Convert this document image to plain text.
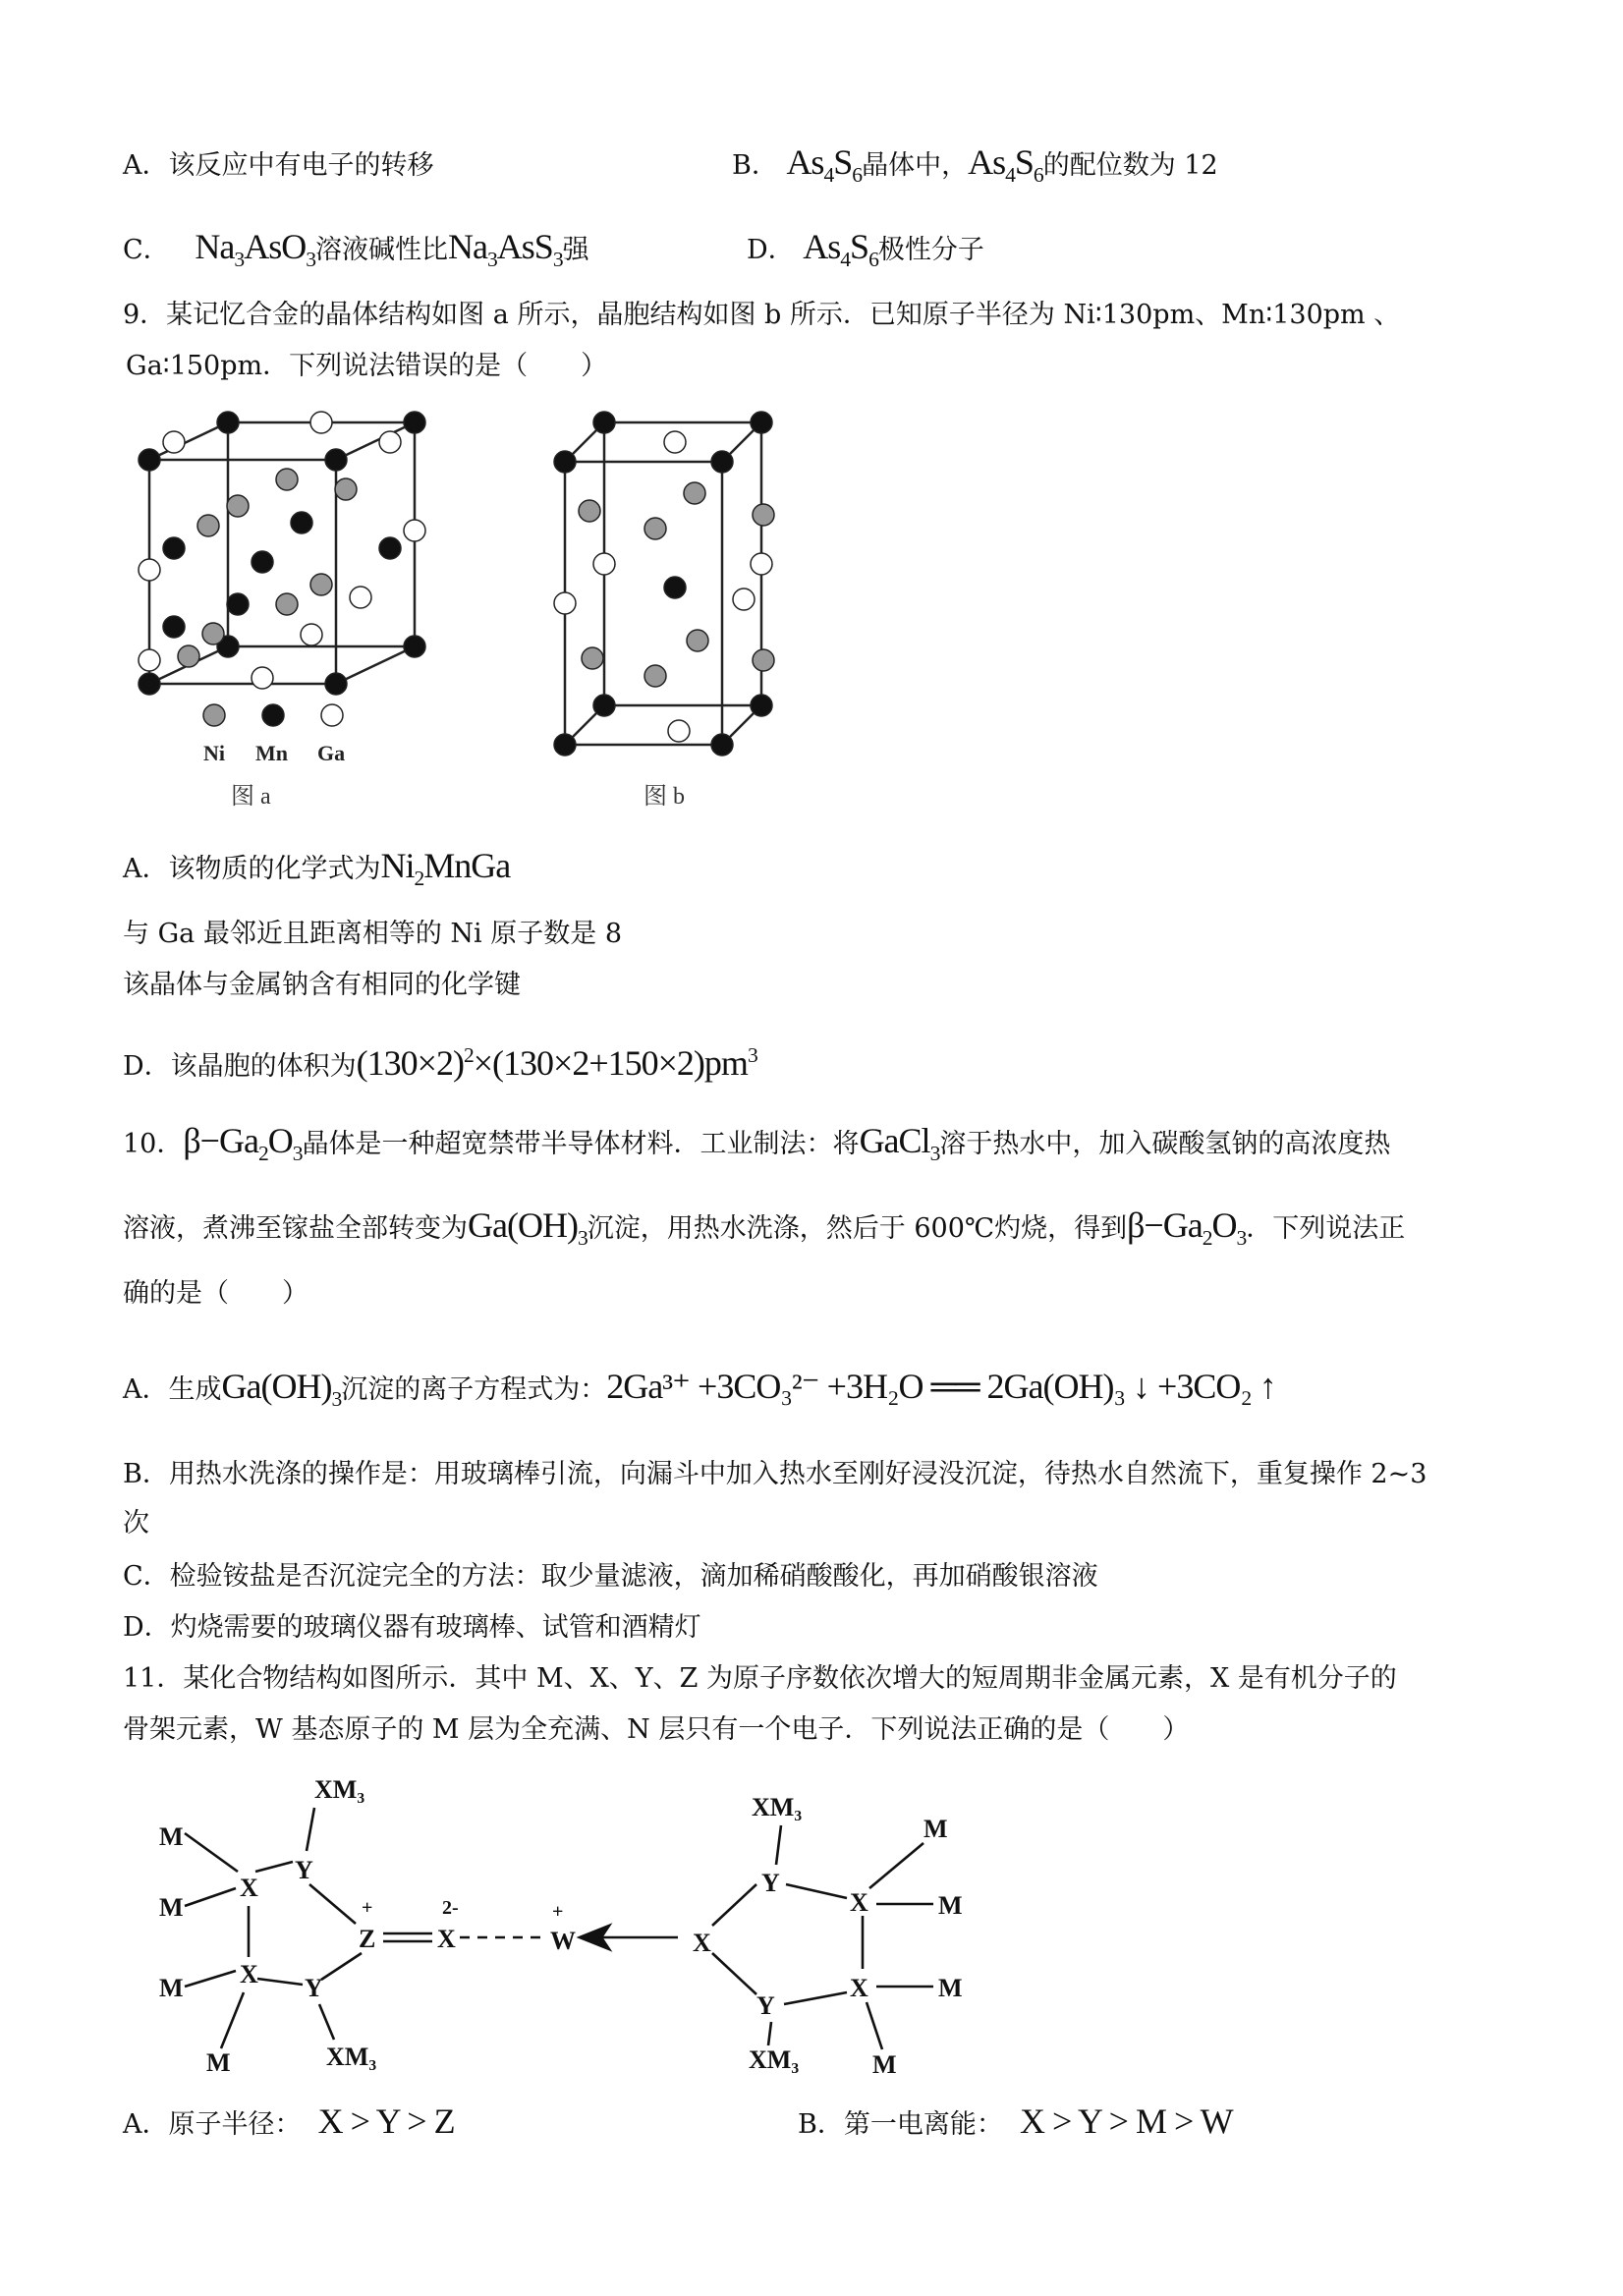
A．该反应中有电子的转移	B． $As_4S_6$晶体中，$As_4S_6$的配位数为 12
C． $Na_3AsO_3$溶液碱性比$Na_3AsS_3$强	D． $As_4S_6$极性分子
9．某记忆合金的晶体结构如图 a 所示，晶胞结构如图 b 所示．已知原子半径为 Ni∶130pm、Mn∶130pm 、
Ga∶150pm．下列说法错误的是（　　）
Ni Mn Ga
图 a	图 b
A．该物质的化学式为$Ni_2MnGa$
与 Ga 最邻近且距离相等的 Ni 原子数是 8
该晶体与金属钠含有相同的化学键
D．该晶胞的体积为$(130\times 2)^2\times(130\times 2+150\times 2)pm^3$
10．$\beta-Ga_2O_3$晶体是一种超宽禁带半导体材料．工业制法：将GaCl$_3$溶于热水中，加入碳酸氢钠的高浓度热
溶液，煮沸至镓盐全部转变为$Ga(OH)_3$沉淀，用热水洗涤，然后于 600℃灼烧，得到$\beta-Ga_2O_3$．下列说法正
确的是（　　）
A．生成$Ga(OH)_3$沉淀的离子方程式为：2Ga³⁺ +3CO₃²⁻ +3H₂O ══ 2Ga(OH)₃ ↓ +3CO₂ ↑
B．用热水洗涤的操作是：用玻璃棒引流，向漏斗中加入热水至刚好浸没沉淀，待热水自然流下，重复操作 2~3
次
C．检验铵盐是否沉淀完全的方法：取少量滤液，滴加稀硝酸酸化，再加硝酸银溶液
D．灼烧需要的玻璃仪器有玻璃棒、试管和酒精灯
11．某化合物结构如图所示．其中 M、X、Y、Z 为原子序数依次增大的短周期非金属元素，X 是有机分子的
骨架元素，W 基态原子的 M 层为全充满、N 层只有一个电子．下列说法正确的是（　　）
XM₃
M
M
M
M
X
X
Y
Y
Z
+
X
2-
W
+
XM₃
XM₃
M
M
M
M
Y
X
X
Y
X
XM₃
A．原子半径： X > Y > Z	B．第一电离能： X > Y > M > W
